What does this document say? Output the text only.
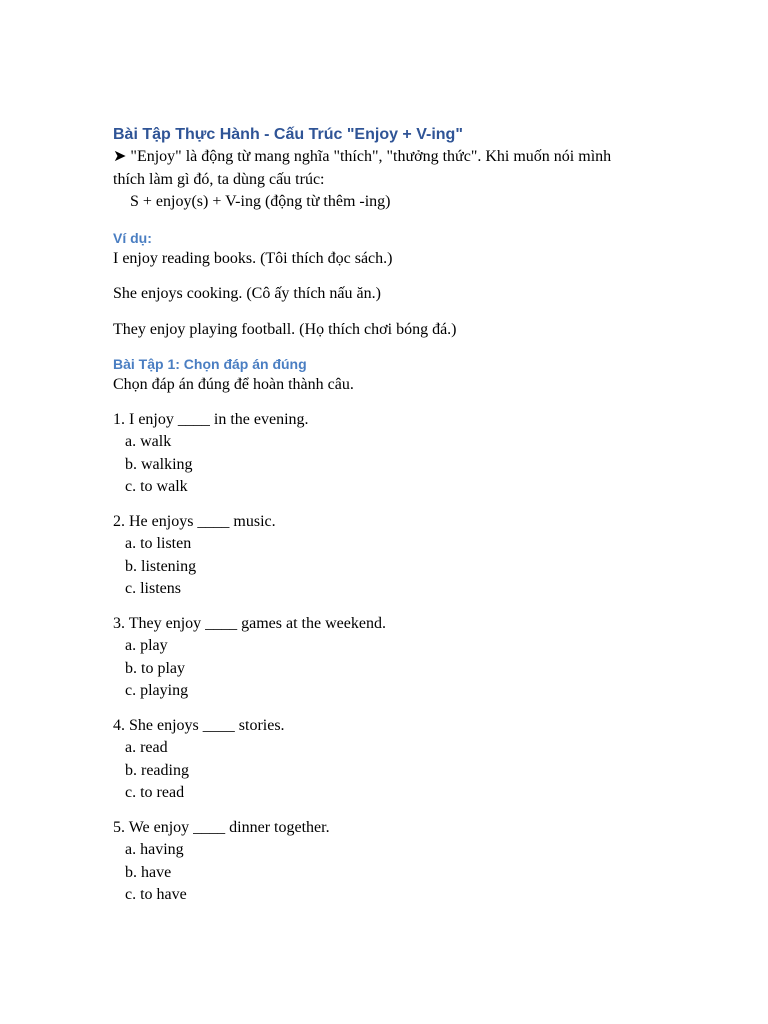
Bài Tập Thực Hành - Cấu Trúc "Enjoy + V-ing"

➤ "Enjoy" là động từ mang nghĩa "thích", "thưởng thức". Khi muốn nói mình

thích làm gì đó, ta dùng cấu trúc:

S + enjoy(s) + V-ing (động từ thêm -ing)

Ví dụ:

I enjoy reading books. (Tôi thích đọc sách.)

She enjoys cooking. (Cô ấy thích nấu ăn.)

They enjoy playing football. (Họ thích chơi bóng đá.)

Bài Tập 1: Chọn đáp án đúng

Chọn đáp án đúng để hoàn thành câu.

1. I enjoy ____ in the evening.

a. walk

b. walking

c. to walk

2. He enjoys ____ music.

a. to listen

b. listening

c. listens

3. They enjoy ____ games at the weekend.

a. play

b. to play

c. playing

4. She enjoys ____ stories.

a. read

b. reading

c. to read

5. We enjoy ____ dinner together.

a. having

b. have

c. to have
